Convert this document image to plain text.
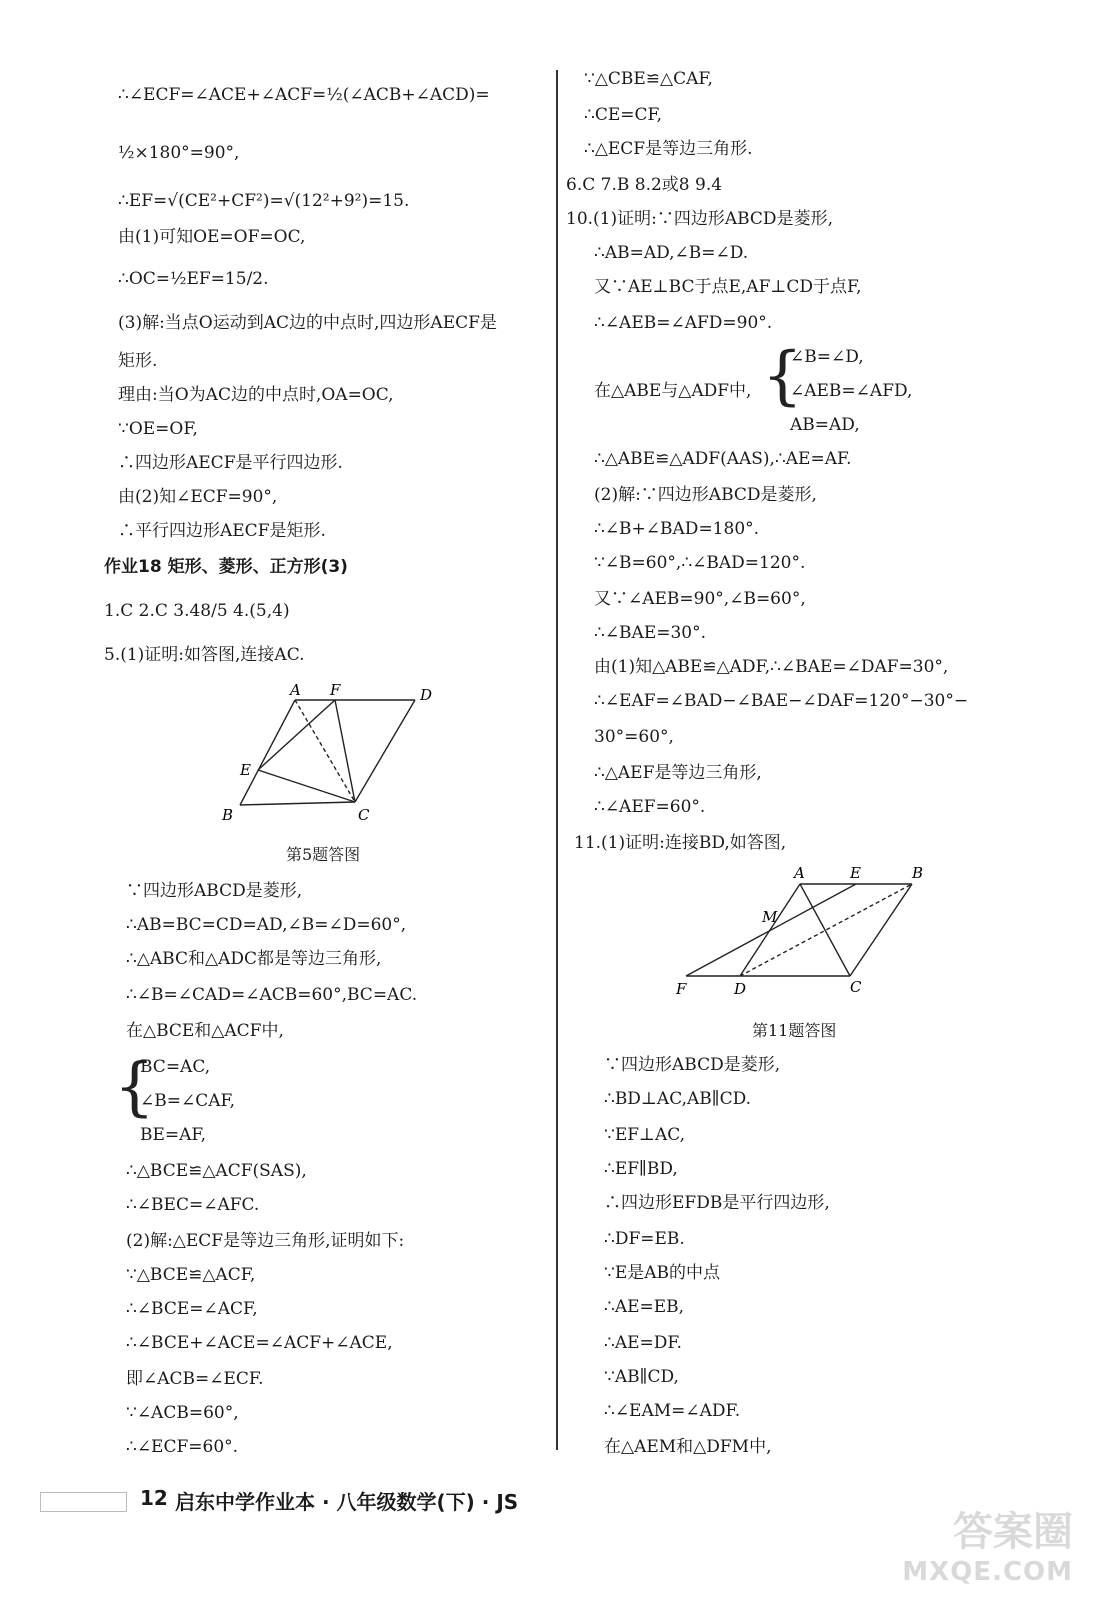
∴∠ECF=∠ACE+∠ACF=½(∠ACB+∠ACD)=
½×180°=90°,
∴EF=√(CE²+CF²)=√(12²+9²)=15.
由(1)可知OE=OF=OC,
∴OC=½EF=15/2.
(3)解:当点O运动到AC边的中点时,四边形AECF是
矩形.
理由:当O为AC边的中点时,OA=OC,
∵OE=OF,
∴四边形AECF是平行四边形.
由(2)知∠ECF=90°,
∴平行四边形AECF是矩形.
作业18 矩形、菱形、正方形(3)
1.C 2.C 3.48/5 4.(5,4)
5.(1)证明:如答图,连接AC.
A F	D
E
B	C
第5题答图
∵四边形ABCD是菱形,
∴AB=BC=CD=AD,∠B=∠D=60°,
∴△ABC和△ADC都是等边三角形,
∴∠B=∠CAD=∠ACB=60°,BC=AC.
在△BCE和△ACF中,
{
BC=AC,
∠B=∠CAF,
BE=AF,
∴△BCE≌△ACF(SAS),
∴∠BEC=∠AFC.
(2)解:△ECF是等边三角形,证明如下:
∵△BCE≌△ACF,
∴∠BCE=∠ACF,
∴∠BCE+∠ACE=∠ACF+∠ACE,
即∠ACB=∠ECF.
∵∠ACB=60°,
∴∠ECF=60°.
∵△CBE≌△CAF,
∴CE=CF,
∴△ECF是等边三角形.
6.C 7.B 8.2或8 9.4
10.(1)证明:∵四边形ABCD是菱形,
∴AB=AD,∠B=∠D.
又∵AE⊥BC于点E,AF⊥CD于点F,
∴∠AEB=∠AFD=90°.
在△ABE与△ADF中, {
∠B=∠D,
∠AEB=∠AFD,
AB=AD,
∴△ABE≌△ADF(AAS),∴AE=AF.
(2)解:∵四边形ABCD是菱形,
∴∠B+∠BAD=180°.
∵∠B=60°,∴∠BAD=120°.
又∵∠AEB=90°,∠B=60°,
∴∠BAE=30°.
由(1)知△ABE≌△ADF,∴∠BAE=∠DAF=30°,
∴∠EAF=∠BAD−∠BAE−∠DAF=120°−30°−
30°=60°,
∴△AEF是等边三角形,
∴∠AEF=60°.
11.(1)证明:连接BD,如答图,
A	E	B
M
F	D	C
第11题答图
∵四边形ABCD是菱形,
∴BD⊥AC,AB∥CD.
∵EF⊥AC,
∴EF∥BD,
∴四边形EFDB是平行四边形,
∴DF=EB.
∵E是AB的中点
∴AE=EB,
∴AE=DF.
∵AB∥CD,
∴∠EAM=∠ADF.
在△AEM和△DFM中,
12 启东中学作业本 · 八年级数学(下) · JS
答案圈
MXQE.COM
